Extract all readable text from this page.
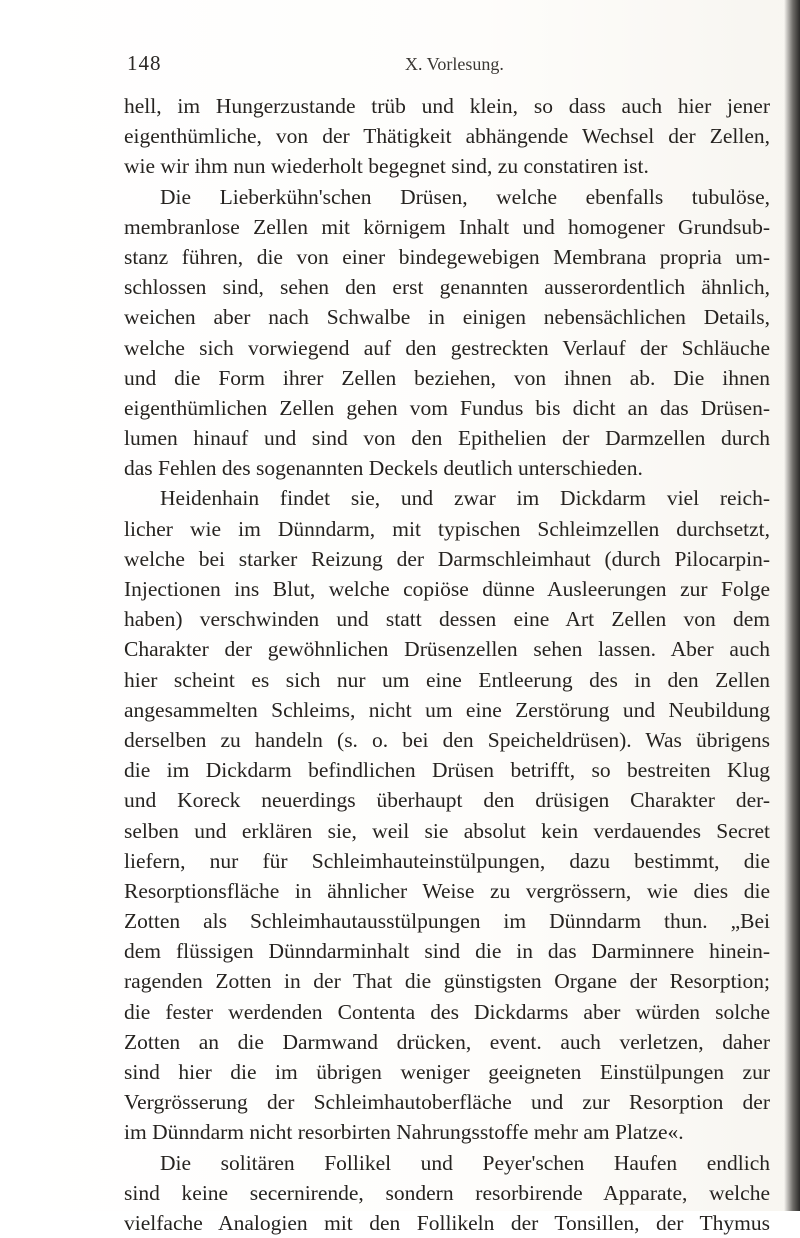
148	X. Vorlesung.
hell, im Hungerzustande trüb und klein, so dass auch hier jener
eigenthümliche, von der Thätigkeit abhängende Wechsel der Zellen,
wie wir ihm nun wiederholt begegnet sind, zu constatiren ist.
Die Lieberkühn'schen Drüsen, welche ebenfalls tubulöse,
membranlose Zellen mit körnigem Inhalt und homogener Grundsub-
stanz führen, die von einer bindegewebigen Membrana propria um-
schlossen sind, sehen den erst genannten ausserordentlich ähnlich,
weichen aber nach Schwalbe in einigen nebensächlichen Details,
welche sich vorwiegend auf den gestreckten Verlauf der Schläuche
und die Form ihrer Zellen beziehen, von ihnen ab. Die ihnen
eigenthümlichen Zellen gehen vom Fundus bis dicht an das Drüsen-
lumen hinauf und sind von den Epithelien der Darmzellen durch
das Fehlen des sogenannten Deckels deutlich unterschieden.
Heidenhain findet sie, und zwar im Dickdarm viel reich-
licher wie im Dünndarm, mit typischen Schleimzellen durchsetzt,
welche bei starker Reizung der Darmschleimhaut (durch Pilocarpin-
Injectionen ins Blut, welche copiöse dünne Ausleerungen zur Folge
haben) verschwinden und statt dessen eine Art Zellen von dem
Charakter der gewöhnlichen Drüsenzellen sehen lassen. Aber auch
hier scheint es sich nur um eine Entleerung des in den Zellen
angesammelten Schleims, nicht um eine Zerstörung und Neubildung
derselben zu handeln (s. o. bei den Speicheldrüsen). Was übrigens
die im Dickdarm befindlichen Drüsen betrifft, so bestreiten Klug
und Koreck neuerdings überhaupt den drüsigen Charakter der-
selben und erklären sie, weil sie absolut kein verdauendes Secret
liefern, nur für Schleimhauteinstülpungen, dazu bestimmt, die
Resorptionsfläche in ähnlicher Weise zu vergrössern, wie dies die
Zotten als Schleimhautausstülpungen im Dünndarm thun. „Bei
dem flüssigen Dünndarminhalt sind die in das Darminnere hinein-
ragenden Zotten in der That die günstigsten Organe der Resorption;
die fester werdenden Contenta des Dickdarms aber würden solche
Zotten an die Darmwand drücken, event. auch verletzen, daher
sind hier die im übrigen weniger geeigneten Einstülpungen zur
Vergrösserung der Schleimhautoberfläche und zur Resorption der
im Dünndarm nicht resorbirten Nahrungsstoffe mehr am Platze«.
Die solitären Follikel und Peyer'schen Haufen endlich
sind keine secernirende, sondern resorbirende Apparate, welche
vielfache Analogien mit den Follikeln der Tonsillen, der Thymus
